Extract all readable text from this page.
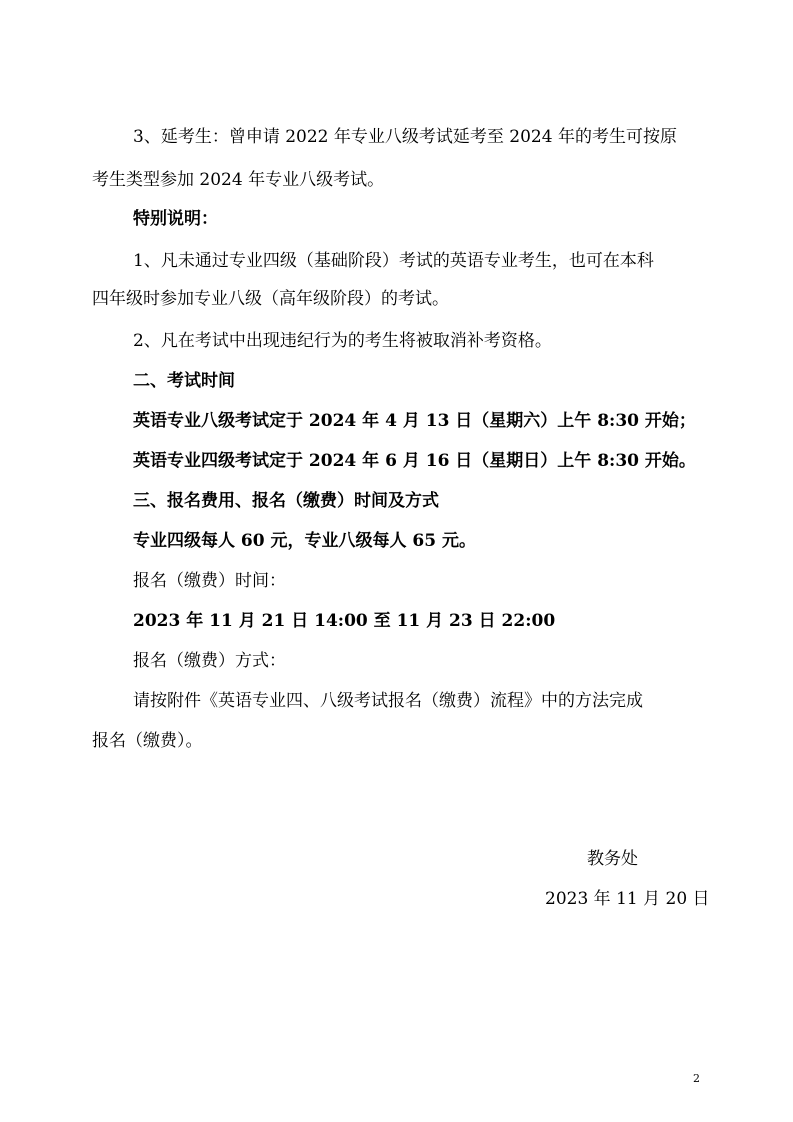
3、延考生：曾申请 2022 年专业八级考试延考至 2024 年的考生可按原
考生类型参加 2024 年专业八级考试。
特别说明：
1、凡未通过专业四级（基础阶段）考试的英语专业考生，也可在本科
四年级时参加专业八级（高年级阶段）的考试。
2、凡在考试中出现违纪行为的考生将被取消补考资格。
二、考试时间
英语专业八级考试定于 2024 年 4 月 13 日（星期六）上午 8:30 开始；
英语专业四级考试定于 2024 年 6 月 16 日（星期日）上午 8:30 开始。
三、报名费用、报名（缴费）时间及方式
专业四级每人 60 元，专业八级每人 65 元。
报名（缴费）时间：
2023 年 11 月 21 日 14:00 至 11 月 23 日 22:00
报名（缴费）方式：
请按附件《英语专业四、八级考试报名（缴费）流程》中的方法完成
报名（缴费）。
教务处
2023 年 11 月 20 日
2
